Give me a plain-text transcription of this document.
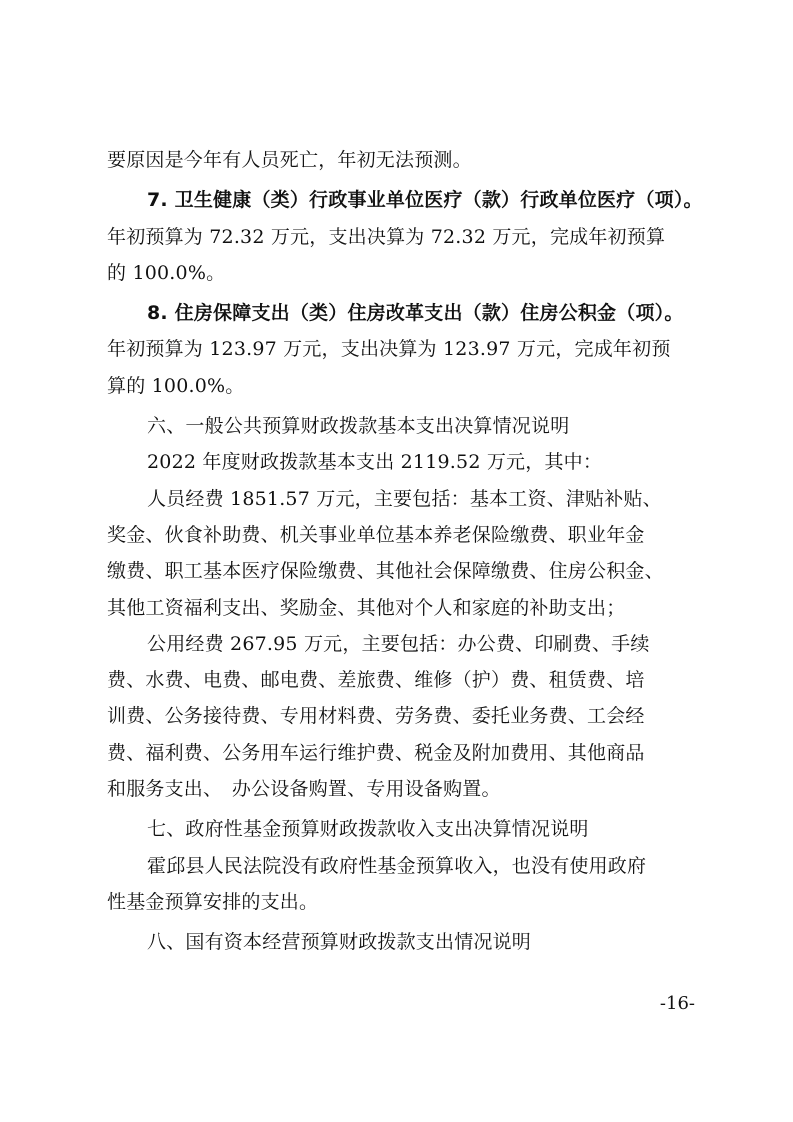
要原因是今年有人员死亡，年初无法预测。
7. 卫生健康（类）行政事业单位医疗（款）行政单位医疗（项）。
年初预算为 72.32 万元，支出决算为 72.32 万元，完成年初预算
的 100.0%。
8. 住房保障支出（类）住房改革支出（款）住房公积金（项）。
年初预算为 123.97 万元，支出决算为 123.97 万元，完成年初预
算的 100.0%。
六、一般公共预算财政拨款基本支出决算情况说明
2022 年度财政拨款基本支出 2119.52 万元，其中：
人员经费 1851.57 万元，主要包括：基本工资、津贴补贴、
奖金、伙食补助费、机关事业单位基本养老保险缴费、职业年金
缴费、职工基本医疗保险缴费、其他社会保障缴费、住房公积金、
其他工资福利支出、奖励金、其他对个人和家庭的补助支出；
公用经费 267.95 万元，主要包括：办公费、印刷费、手续
费、水费、电费、邮电费、差旅费、维修（护）费、租赁费、培
训费、公务接待费、专用材料费、劳务费、委托业务费、工会经
费、福利费、公务用车运行维护费、税金及附加费用、其他商品
和服务支出、　办公设备购置、专用设备购置。
七、政府性基金预算财政拨款收入支出决算情况说明
霍邱县人民法院没有政府性基金预算收入，也没有使用政府
性基金预算安排的支出。
八、国有资本经营预算财政拨款支出情况说明
-16-
